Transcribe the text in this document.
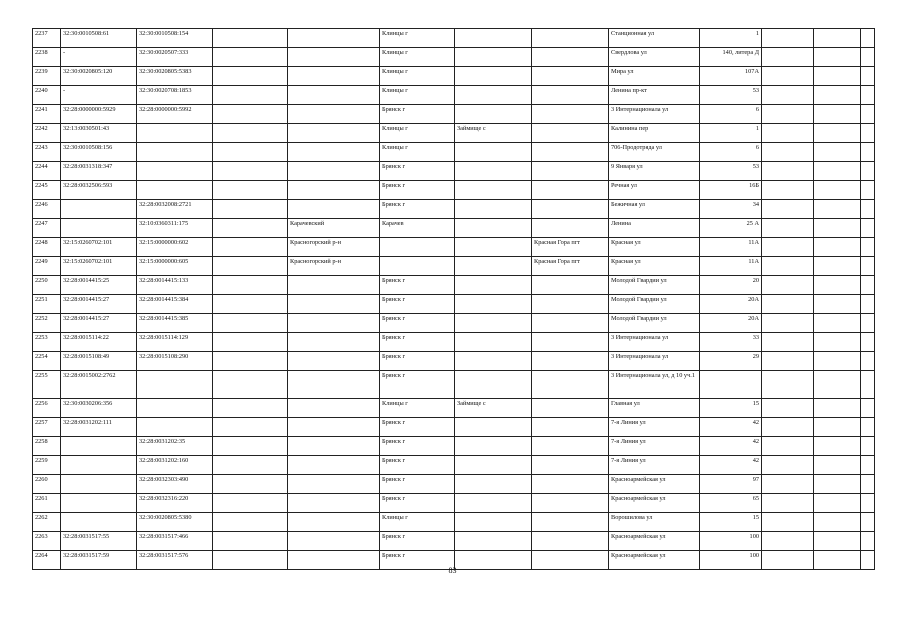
2237	32:30:0010508:61	32:30:0010508:154			Клинцы г			Станционная ул	1			
2238	-	32:30:0020507:333			Клинцы г			Свердлова ул	140, литера Д			
2239	32:30:0020805:120	32:30:0020805:5383			Клинцы г			Мира ул	107А			
2240	-	32:30:0020708:1853			Клинцы г			Ленина пр-кт	53			
2241	32:28:0000000:5929	32:28:0000000:5992			Брянск г			3 Интернационала ул	6			
2242	32:13:0030501:43				Клинцы г	Займище с		Калинина пер	1			
2243	32:30:0010508:156				Клинцы г			706-Продотряда ул	6			
2244	32:28:0031318:347				Брянск г			9 Января ул	53			
2245	32:28:0032506:593				Брянск г			Речная ул	16Б			
2246		32:28:0032008:2721			Брянск г			Бежичная ул	34			
2247		32:10:0360311:175		Карачевский	Карачев			Ленина	25 А			
2248	32:15:0260702:101	32:15:0000000:602		Красногорский р-н			Красная Гора пгт	Красная ул	11А			
2249	32:15:0260702:101	32:15:0000000:605		Красногорский р-н			Красная Гора пгт	Красная ул	11А			
2250	32:28:0014415:25	32:28:0014415:133			Брянск г			Молодой Гвардии ул	20			
2251	32:28:0014415:27	32:28:0014415:384			Брянск г			Молодой Гвардии ул	20А			
2252	32:28:0014415:27	32:28:0014415:385			Брянск г			Молодой Гвардии ул	20А			
2253	32:28:0015114:22	32:28:0015114:129			Брянск г			3 Интернационала ул	33			
2254	32:28:0015108:49	32:28:0015108:290			Брянск г			3 Интернационала ул	29			
2255	32:28:0015002:2762				Брянск г			3 Интернационала ул, д 10 уч.1				
2256	32:30:0030206:356				Клинцы г	Займище с		Главная ул	15			
2257	32:28:0031202:111				Брянск г			7-я Линия ул	42			
2258		32:28:0031202:35			Брянск г			7-я Линия ул	42			
2259		32:28:0031202:160			Брянск г			7-я Линия ул	42			
2260		32:28:0032303:490			Брянск г			Красноармейская ул	97			
2261		32:28:0032316:220			Брянск г			Красноармейская ул	65			
2262		32:30:0020805:5380			Клинцы г			Ворошилова ул	15			
2263	32:28:0031517:55	32:28:0031517:466			Брянск г			Красноармейская ул	100			
2264	32:28:0031517:59	32:28:0031517:576			Брянск г			Красноармейская ул	100			
83
